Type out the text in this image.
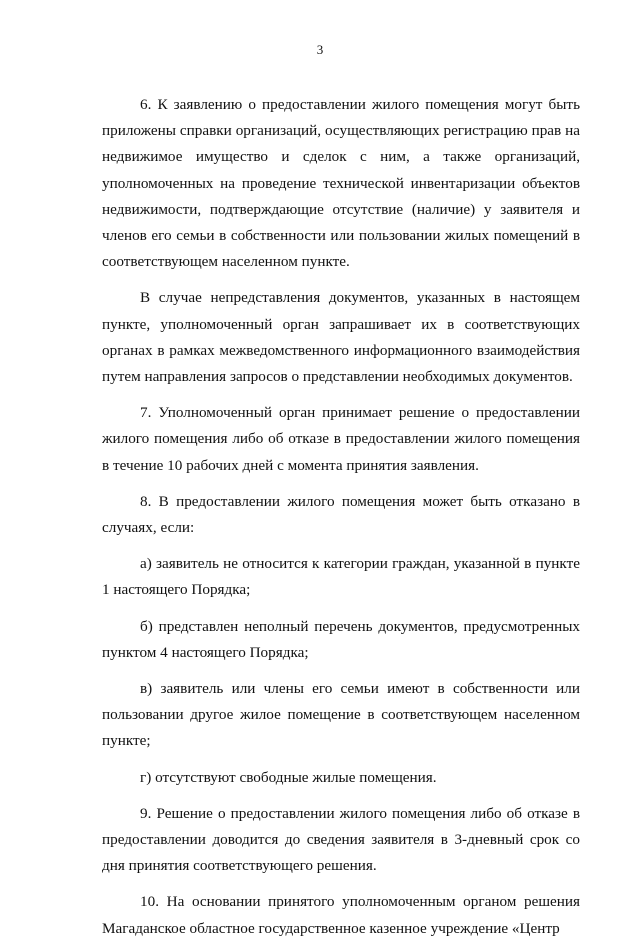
3

6. К заявлению о предоставлении жилого помещения могут быть приложены справки организаций, осуществляющих регистрацию прав на недвижимое имущество и сделок с ним, а также организаций, уполномоченных на проведение технической инвентаризации объектов недвижимости, подтверждающие отсутствие (наличие) у заявителя и членов его семьи в собственности или пользовании жилых помещений в соответствующем населенном пункте.

В случае непредставления документов, указанных в настоящем пункте, уполномоченный орган запрашивает их в соответствующих органах в рамках межведомственного информационного взаимодействия путем направления запросов о представлении необходимых документов.

7. Уполномоченный орган принимает решение о предоставлении жилого помещения либо об отказе в предоставлении жилого помещения в течение 10 рабочих дней с момента принятия заявления.

8. В предоставлении жилого помещения может быть отказано в случаях, если:

а) заявитель не относится к категории граждан, указанной в пункте 1 настоящего Порядка;

б) представлен неполный перечень документов, предусмотренных пунктом 4 настоящего Порядка;

в) заявитель или члены его семьи имеют в собственности или пользовании другое жилое помещение в соответствующем населенном пункте;

г) отсутствуют свободные жилые помещения.

9. Решение о предоставлении жилого помещения либо об отказе в предоставлении доводится до сведения заявителя в 3-дневный срок со дня принятия соответствующего решения.

10. На основании принятого уполномоченным органом решения Магаданское областное государственное казенное учреждение «Центр
